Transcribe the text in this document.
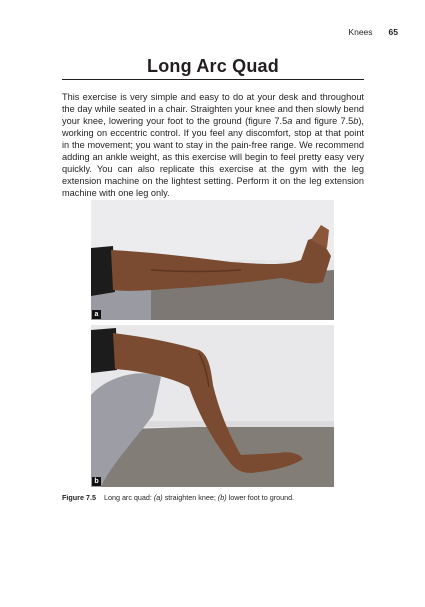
Knees 65
Long Arc Quad

This exercise is very simple and easy to do at your desk and throughout the day while seated in a chair. Straighten your knee and then slowly bend your knee, lowering your foot to the ground (figure 7.5a and figure 7.5b), working on eccentric control. If you feel any discomfort, stop at that point in the movement; you want to stay in the pain-free range. We recommend adding an ankle weight, as this exercise will begin to feel pretty easy very quickly. You can also replicate this exercise at the gym with the leg extension machine on the lightest setting. Perform it on the leg extension machine with one leg only.

a
b

Figure 7.5 Long arc quad: (a) straighten knee; (b) lower foot to ground.
